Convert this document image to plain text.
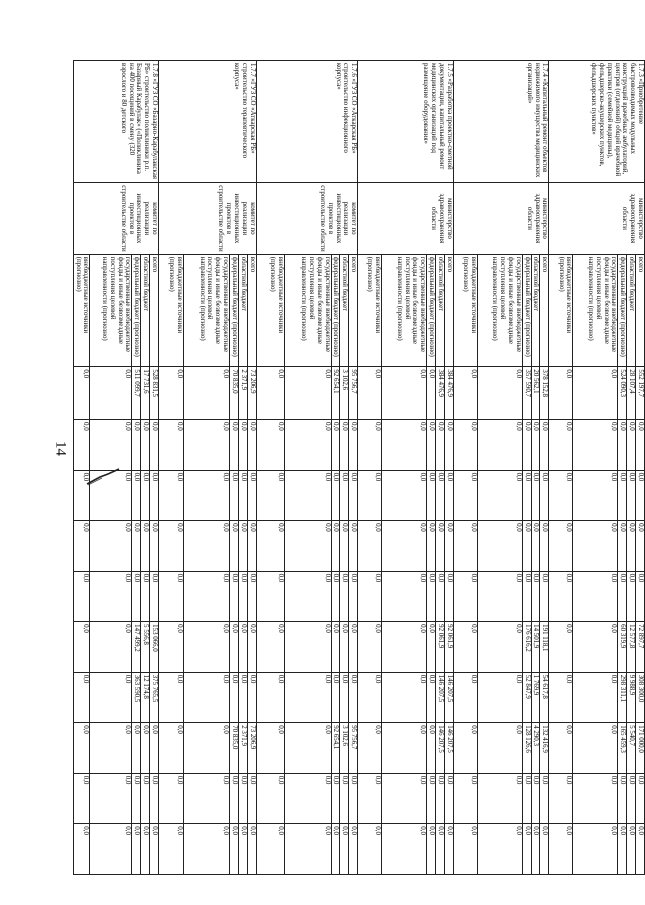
14
1.7.3 «Приобретение быстровозводимых модульных конструкций врачебных амбулаторий, центров (отделений) общей врачебной практики (семейной медицины), фельдшерско-акушерских пунктов, фельдшерских пунктов»	министерство здравоохранения области	всего	552 197,7	0,0	0,0	0,0	0,0	72 897,7	308 300,0	171 000,0	0,0	0,0
		областной бюджет	28 107,4	0,0	0,0	0,0	0,0	12 577,8	9 988,9	5 540,7	0,0	0,0
		федеральный бюджет (прогнозно)	524 090,3	0,0	0,0	0,0	0,0	60 319,9	298 311,1	165 459,3	0,0	0,0
		государственные внебюджетные фонды и иные безвозмездные поступления целевой направленности (прогнозно)	0,0	0,0	0,0	0,0	0,0	0,0	0,0	0,0	0,0	0,0
		внебюджетные источники (прогнозно)	0,0	0,0	0,0	0,0	0,0	0,0	0,0	0,0	0,0	0,0
1.7.4 «Капитальный ремонт объектов недвижимого имущества медицинских организаций»	министерство здравоохранения области	всего	378 152,8	0,0	0,0	0,0	0,0	191 118,1	54 617,8	132 416,9	0,0	0,0
		областной бюджет	20 562,1	0,0	0,0	0,0	0,0	14 501,9	1 769,9	4 290,3	0,0	0,0
		федеральный бюджет (прогнозно)	357 590,7	0,0	0,0	0,0	0,0	176 616,2	52 847,9	128 126,6	0,0	0,0
		государственные внебюджетные фонды и иные безвозмездные поступления целевой направленности (прогнозно)	0,0	0,0	0,0	0,0	0,0	0,0	0,0	0,0	0,0	0,0
		внебюджетные источники (прогнозно)	0,0	0,0	0,0	0,0	0,0	0,0	0,0	0,0	0,0	0,0
1.7.5 «Разработка проектно-сметной документации, капитальный ремонт медицинских организаций под размещение оборудования»	министерство здравоохранения области	всего	384 476,9	0,0	0,0	0,0	0,0	92 061,9	146 207,5	146 207,5	0,0	0,0
		областной бюджет	384 476,9	0,0	0,0	0,0	0,0	92 061,9	146 207,5	146 207,5	0,0	0,0
		федеральный бюджет (прогнозно)	0,0	0,0	0,0	0,0	0,0	0,0	0,0	0,0	0,0	0,0
		государственные внебюджетные фонды и иные безвозмездные поступления целевой направленности (прогнозно)	0,0	0,0	0,0	0,0	0,0	0,0	0,0	0,0	0,0	0,0
		внебюджетные источники (прогнозно)	0,0	0,0	0,0	0,0	0,0	0,0	0,0	0,0	0,0	0,0
1.7.6 «ГУЗ СО «Аткарская РБ» строительство инфекционного корпуса»	комитет по реализации инвестиционных проектов в строительстве области	всего	95 756,7	0,0	0,0	0,0	0,0	0,0	0,0	95 756,7	0,0	0,0
		областной бюджет	3 102,6	0,0	0,0	0,0	0,0	0,0	0,0	3 102,6	0,0	0,0
		федеральный бюджет (прогнозно)	92 654,1	0,0	0,0	0,0	0,0	0,0	0,0	92 654,1	0,0	0,0
		государственные внебюджетные фонды и иные безвозмездные поступления целевой направленности (прогнозно)	0,0	0,0	0,0	0,0	0,0	0,0	0,0	0,0	0,0	0,0
		внебюджетные источники (прогнозно)	0,0	0,0	0,0	0,0	0,0	0,0	0,0	0,0	0,0	0,0
1.7.7 «ГУЗ СО «Аткарская РБ» строительство терапевтического корпуса»	комитет по реализации инвестиционных проектов в строительстве области	всего	73 206,9	0,0	0,0	0,0	0,0	0,0	0,0	73 206,9	0,0	0,0
		областной бюджет	2 371,9	0,0	0,0	0,0	0,0	0,0	0,0	2 371,9	0,0	0,0
		федеральный бюджет (прогнозно)	70 835,0	0,0	0,0	0,0	0,0	0,0	0,0	70 835,0	0,0	0,0
		государственные внебюджетные фонды и иные безвозмездные поступления целевой направленности (прогнозно)	0,0	0,0	0,0	0,0	0,0	0,0	0,0	0,0	0,0	0,0
		внебюджетные источники (прогнозно)	0,0	0,0	0,0	0,0	0,0	0,0	0,0	0,0	0,0	0,0
1.7.8 «ГУЗ СО «Базарно-Карабулакская РБ» строительство поликлиники р.п. Базарный Карабулак» («Поликлиника на 400 посещений в смену (320 взрослого и 80 детского	комитет по реализации инвестиционных проектов в строительстве области	всего	528 831,5	0,0	0,0	0,0	0,0	153 066,0	375 765,5	0,0	0,0	0,0
		областной бюджет	17 731,6	0,0	0,0	0,0	0,0	5 556,8	12 174,8	0,0	0,0	0,0
		федеральный бюджет (прогнозно)	511 099,7	0,0	0,0	0,0	0,0	147 499,2	363 590,5	0,0	0,0	0,0
		государственные внебюджетные фонды и иные безвозмездные поступления целевой направленности (прогнозно)	0,0	0,0	0,0	0,0	0,0	0,0	0,0	0,0	0,0	0,0
		внебюджетные источники (прогнозно)	0,0	0,0	0,0	0,0	0,0	0,0	0,0	0,0	0,0	0,0
